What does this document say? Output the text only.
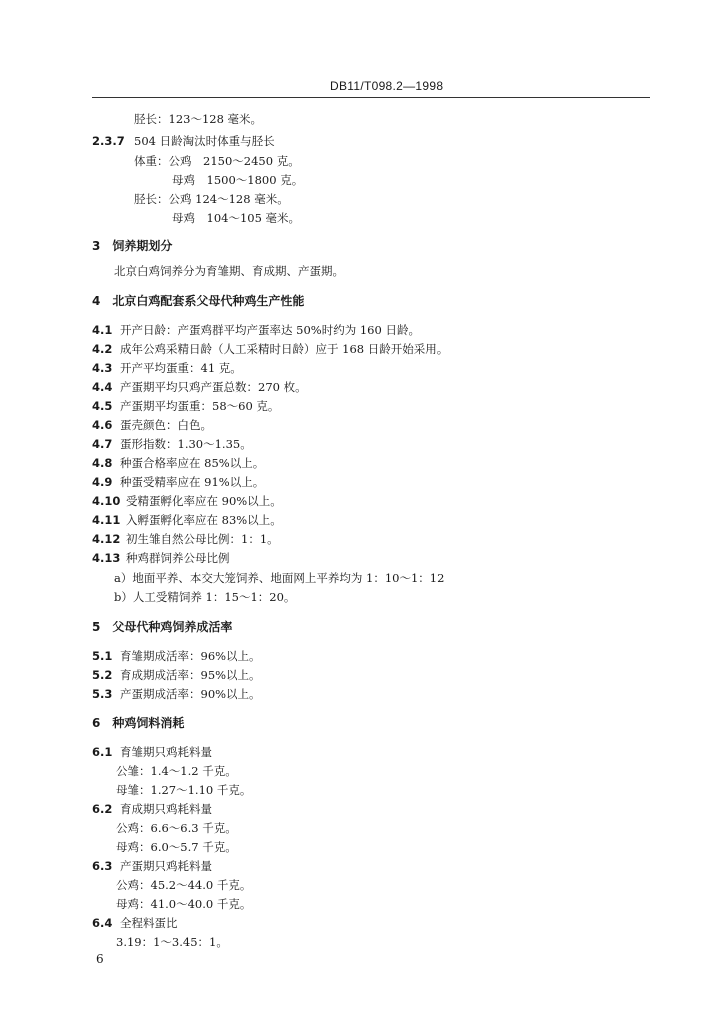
DB11/T098.2—1998
胫长：123～128 毫米。
2.3.7 504 日龄淘汰时体重与胫长
体重：公鸡　2150～2450 克。
母鸡　1500～1800 克。
胫长：公鸡 124～128 毫米。
母鸡　104～105 毫米。
3　饲养期划分
北京白鸡饲养分为育雏期、育成期、产蛋期。
4　北京白鸡配套系父母代种鸡生产性能
4.1 开产日龄：产蛋鸡群平均产蛋率达 50%时约为 160 日龄。
4.2 成年公鸡采精日龄（人工采精时日龄）应于 168 日龄开始采用。
4.3 开产平均蛋重：41 克。
4.4 产蛋期平均只鸡产蛋总数：270 枚。
4.5 产蛋期平均蛋重：58～60 克。
4.6 蛋壳颜色：白色。
4.7 蛋形指数：1.30～1.35。
4.8 种蛋合格率应在 85%以上。
4.9 种蛋受精率应在 91%以上。
4.10 受精蛋孵化率应在 90%以上。
4.11 入孵蛋孵化率应在 83%以上。
4.12 初生雏自然公母比例：1：1。
4.13 种鸡群饲养公母比例
a）地面平养、本交大笼饲养、地面网上平养均为 1：10～1：12
b）人工受精饲养 1：15～1：20。
5　父母代种鸡饲养成活率
5.1 育雏期成活率：96%以上。
5.2 育成期成活率：95%以上。
5.3 产蛋期成活率：90%以上。
6　种鸡饲料消耗
6.1 育雏期只鸡耗料量
公雏：1.4～1.2 千克。
母雏：1.27～1.10 千克。
6.2 育成期只鸡耗料量
公鸡：6.6～6.3 千克。
母鸡：6.0～5.7 千克。
6.3 产蛋期只鸡耗料量
公鸡：45.2～44.0 千克。
母鸡：41.0～40.0 千克。
6.4 全程料蛋比
3.19：1～3.45：1。
6
